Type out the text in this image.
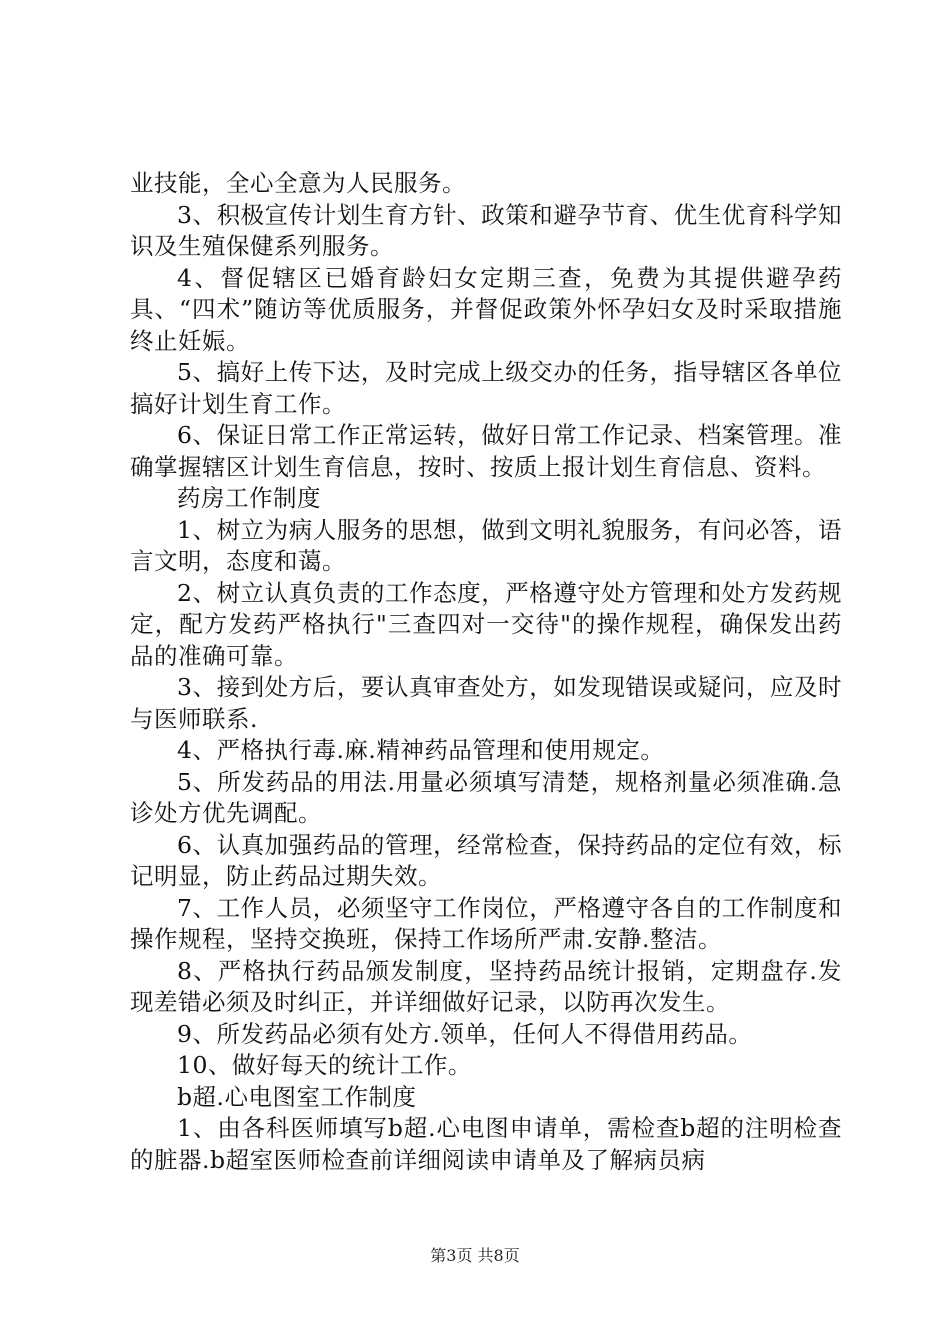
业技能，全心全意为人民服务。

3、积极宣传计划生育方针、政策和避孕节育、优生优育科学知识及生殖保健系列服务。

4、督促辖区已婚育龄妇女定期三查，免费为其提供避孕药具、“四术”随访等优质服务，并督促政策外怀孕妇女及时采取措施终止妊娠。

5、搞好上传下达，及时完成上级交办的任务，指导辖区各单位搞好计划生育工作。

6、保证日常工作正常运转，做好日常工作记录、档案管理。准确掌握辖区计划生育信息，按时、按质上报计划生育信息、资料。

药房工作制度

1、树立为病人服务的思想，做到文明礼貌服务，有问必答，语言文明，态度和蔼。

2、树立认真负责的工作态度，严格遵守处方管理和处方发药规定，配方发药严格执行"三查四对一交待"的操作规程，确保发出药品的准确可靠。

3、接到处方后，要认真审查处方，如发现错误或疑问，应及时与医师联系.

4、严格执行毒.麻.精神药品管理和使用规定。

5、所发药品的用法.用量必须填写清楚，规格剂量必须准确.急诊处方优先调配。

6、认真加强药品的管理，经常检查，保持药品的定位有效，标记明显，防止药品过期失效。

7、工作人员，必须坚守工作岗位，严格遵守各自的工作制度和操作规程，坚持交换班，保持工作场所严肃.安静.整洁。

8、严格执行药品颁发制度，坚持药品统计报销，定期盘存.发现差错必须及时纠正，并详细做好记录，以防再次发生。

9、所发药品必须有处方.领单，任何人不得借用药品。

10、做好每天的统计工作。

b超.心电图室工作制度

1、由各科医师填写b超.心电图申请单，需检查b超的注明检查的脏器.b超室医师检查前详细阅读申请单及了解病员病

第3页 共8页
